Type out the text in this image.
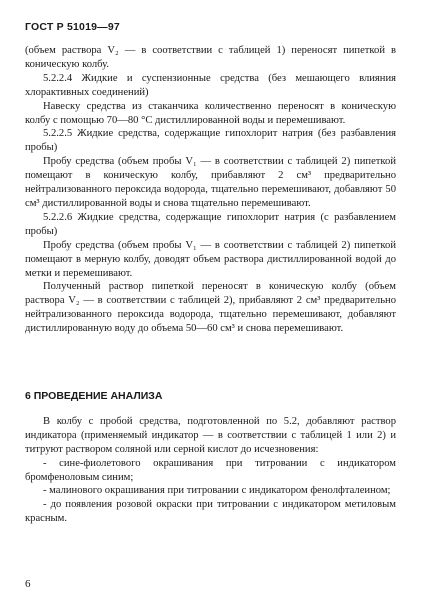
ГОСТ Р 51019—97

(объем раствора V₂ — в соответствии с таблицей 1) переносят пипеткой в коническую колбу.

5.2.2.4 Жидкие и суспензионные средства (без мешающего влияния хлорактивных соединений)

Навеску средства из стаканчика количественно переносят в коническую колбу с помощью 70—80 °С дистиллированной воды и перемешивают.

5.2.2.5 Жидкие средства, содержащие гипохлорит натрия (без разбавления пробы)

Пробу средства (объем пробы V₁ — в соответствии с таблицей 2) пипеткой помещают в коническую колбу, прибавляют 2 см³ предварительно нейтрализованного пероксида водорода, тщательно перемешивают, добавляют 50 см³ дистиллированной воды и снова тщательно перемешивают.

5.2.2.6 Жидкие средства, содержащие гипохлорит натрия (с разбавлением пробы)

Пробу средства (объем пробы V₁ — в соответствии с таблицей 2) пипеткой помещают в мерную колбу, доводят объем раствора дистиллированной водой до метки и перемешивают.

Полученный раствор пипеткой переносят в коническую колбу (объем раствора V₂ — в соответствии с таблицей 2), прибавляют 2 см³ предварительно нейтрализованного пероксида водорода, тщательно перемешивают, добавляют дистиллированную воду до объема 50—60 см³ и снова перемешивают.

6 ПРОВЕДЕНИЕ АНАЛИЗА

В колбу с пробой средства, подготовленной по 5.2, добавляют раствор индикатора (применяемый индикатор — в соответствии с таблицей 1 или 2) и титруют раствором соляной или серной кислот до исчезновения:

- сине-фиолетового окрашивания при титровании с индикатором бромфеноловым синим;

- малинового окрашивания при титровании с индикатором фенолфталеином;

- до появления розовой окраски при титровании с индикатором метиловым красным.

6
